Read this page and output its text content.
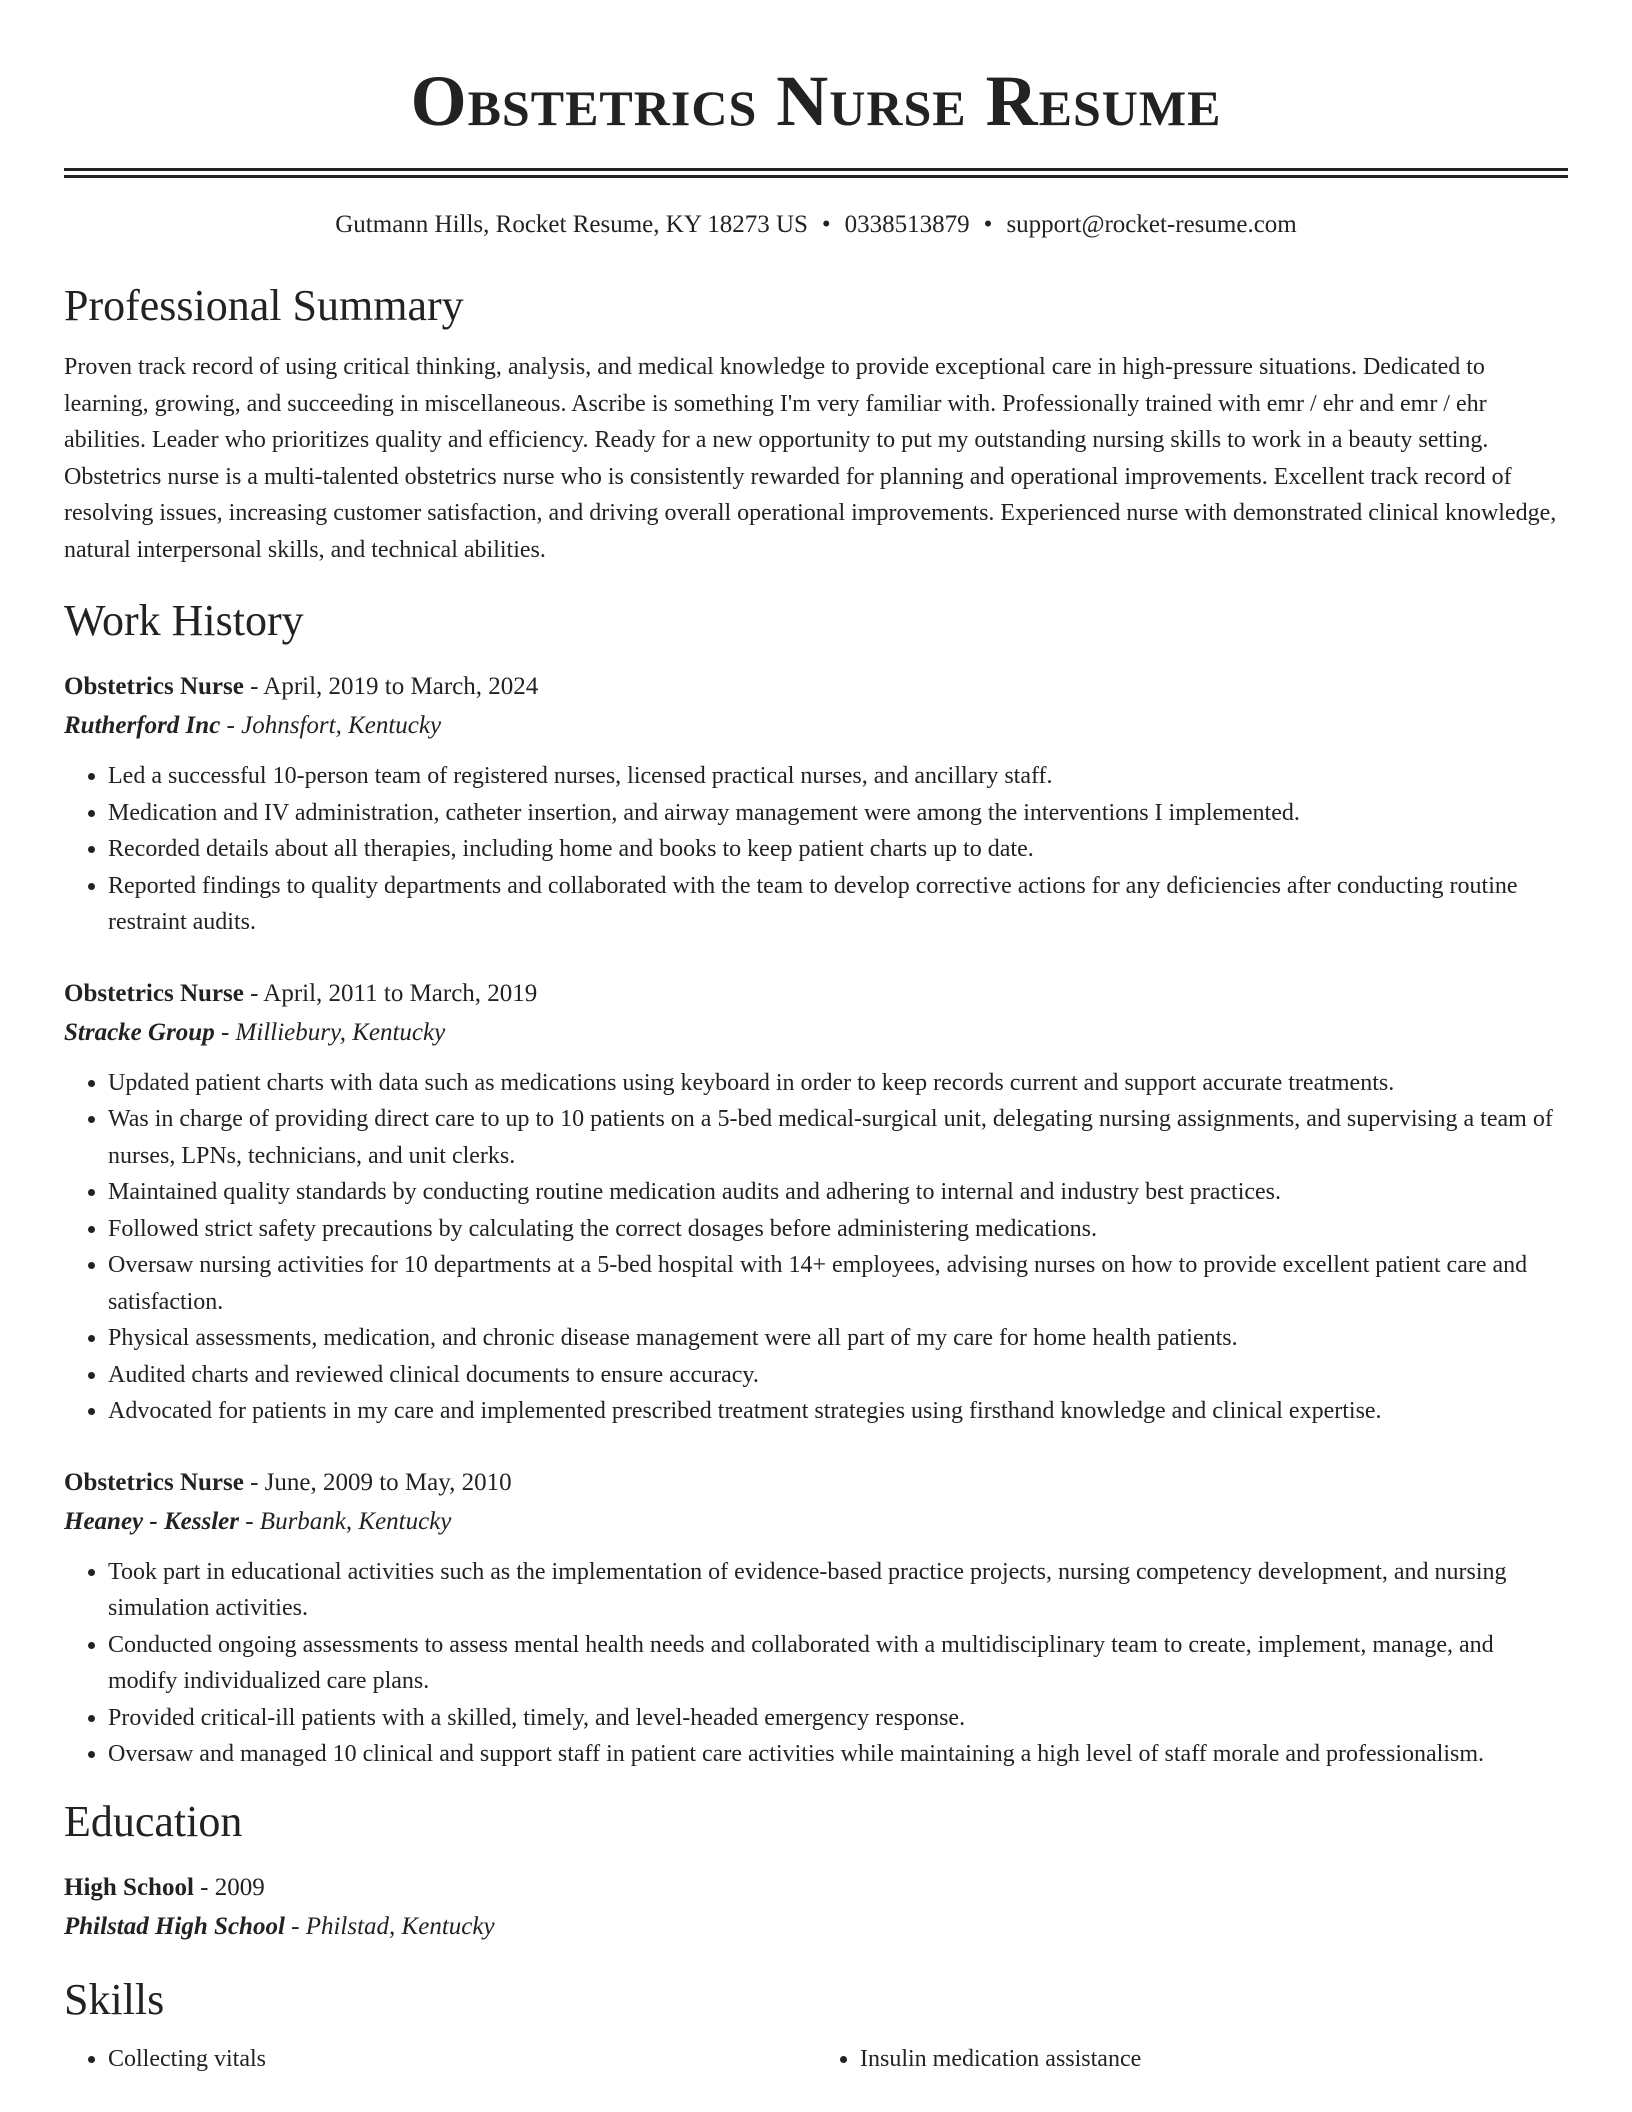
Obstetrics Nurse Resume
Gutmann Hills, Rocket Resume, KY 18273 US • 0338513879 • support@rocket-resume.com
Professional Summary

Proven track record of using critical thinking, analysis, and medical knowledge to provide exceptional care in high-pressure situations. Dedicated to learning, growing, and succeeding in miscellaneous. Ascribe is something I'm very familiar with. Professionally trained with emr / ehr and emr / ehr abilities. Leader who prioritizes quality and efficiency. Ready for a new opportunity to put my outstanding nursing skills to work in a beauty setting. Obstetrics nurse is a multi-talented obstetrics nurse who is consistently rewarded for planning and operational improvements. Excellent track record of resolving issues, increasing customer satisfaction, and driving overall operational improvements. Experienced nurse with demonstrated clinical knowledge, natural interpersonal skills, and technical abilities.

Work History
Obstetrics Nurse - April, 2019 to March, 2024
Rutherford Inc - Johnsfort, Kentucky
• Led a successful 10-person team of registered nurses, licensed practical nurses, and ancillary staff.
• Medication and IV administration, catheter insertion, and airway management were among the interventions I implemented.
• Recorded details about all therapies, including home and books to keep patient charts up to date.
• Reported findings to quality departments and collaborated with the team to develop corrective actions for any deficiencies after conducting routine restraint audits.
Obstetrics Nurse - April, 2011 to March, 2019
Stracke Group - Milliebury, Kentucky
• Updated patient charts with data such as medications using keyboard in order to keep records current and support accurate treatments.
• Was in charge of providing direct care to up to 10 patients on a 5-bed medical-surgical unit, delegating nursing assignments, and supervising a team of nurses, LPNs, technicians, and unit clerks.
• Maintained quality standards by conducting routine medication audits and adhering to internal and industry best practices.
• Followed strict safety precautions by calculating the correct dosages before administering medications.
• Oversaw nursing activities for 10 departments at a 5-bed hospital with 14+ employees, advising nurses on how to provide excellent patient care and satisfaction.
• Physical assessments, medication, and chronic disease management were all part of my care for home health patients.
• Audited charts and reviewed clinical documents to ensure accuracy.
• Advocated for patients in my care and implemented prescribed treatment strategies using firsthand knowledge and clinical expertise.
Obstetrics Nurse - June, 2009 to May, 2010
Heaney - Kessler - Burbank, Kentucky
• Took part in educational activities such as the implementation of evidence-based practice projects, nursing competency development, and nursing simulation activities.
• Conducted ongoing assessments to assess mental health needs and collaborated with a multidisciplinary team to create, implement, manage, and modify individualized care plans.
• Provided critical-ill patients with a skilled, timely, and level-headed emergency response.
• Oversaw and managed 10 clinical and support staff in patient care activities while maintaining a high level of staff morale and professionalism.
Education
High School - 2009
Philstad High School - Philstad, Kentucky
Skills
• Collecting vitals
•	Insulin medication assistance
